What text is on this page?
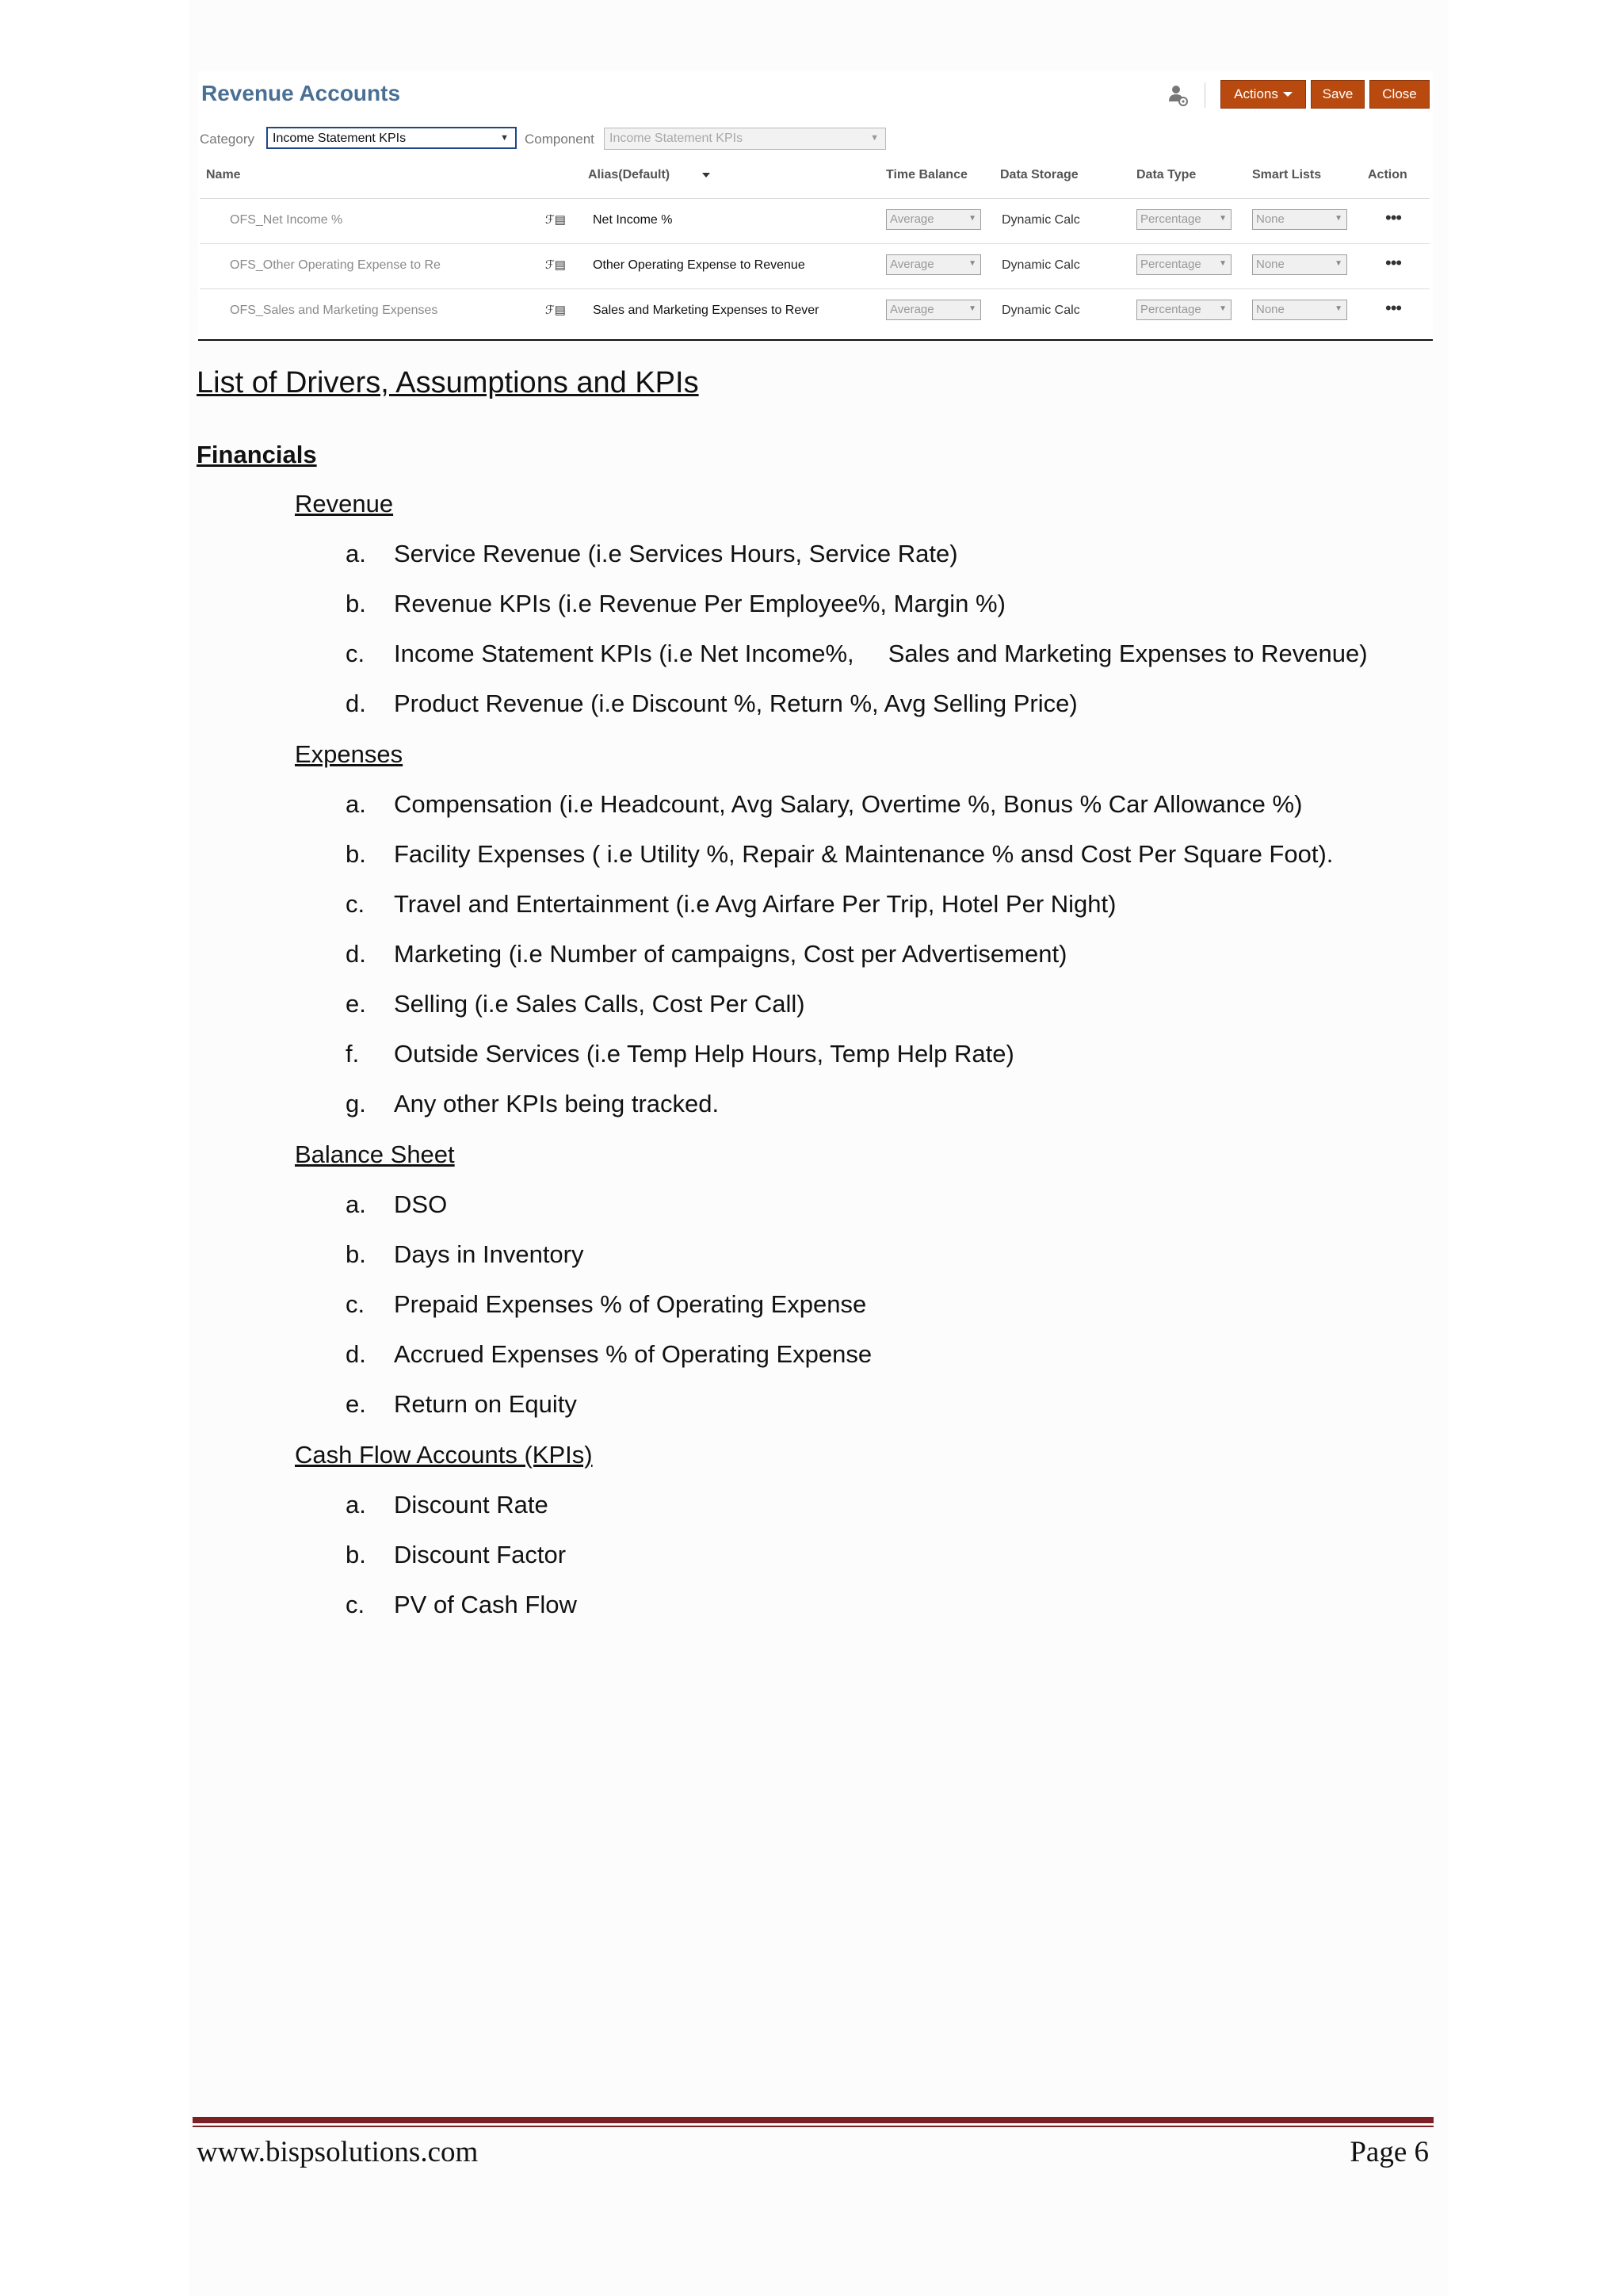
Revenue Accounts	Actions	Save	Close
Category	Income Statement KPIs	▼ Component	Income Statement KPIs	▼
Name	Alias(Default)	Time Balance	Data Storage	Data Type	Smart Lists	Action
OFS_Net Income %	ℱ▤ Net Income %	Average	▼ Dynamic Calc	Percentage ▼	None	▼ •••
OFS_Other Operating Expense to Re	ℱ▤ Other Operating Expense to Revenue	Average	▼ Dynamic Calc	Percentage ▼	None	▼ •••
OFS_Sales and Marketing Expenses	ℱ▤ Sales and Marketing Expenses to Rever	Average	▼ Dynamic Calc	Percentage ▼	None	▼ •••
List of Drivers, Assumptions and KPIs
Financials
Revenue
a. Service Revenue (i.e Services Hours, Service Rate)
b. Revenue KPIs (i.e Revenue Per Employee%, Margin %)
c. Income Statement KPIs (i.e Net Income%,     Sales and Marketing Expenses to Revenue)
d. Product Revenue (i.e Discount %, Return %, Avg Selling Price)
Expenses
a. Compensation (i.e Headcount, Avg Salary, Overtime %, Bonus % Car Allowance %)
b. Facility Expenses ( i.e Utility %, Repair & Maintenance % ansd Cost Per Square Foot).
c. Travel and Entertainment (i.e Avg Airfare Per Trip, Hotel Per Night)
d. Marketing (i.e Number of campaigns, Cost per Advertisement)
e. Selling (i.e Sales Calls, Cost Per Call)
f. Outside Services (i.e Temp Help Hours, Temp Help Rate)
g. Any other KPIs being tracked.
Balance Sheet
a. DSO
b. Days in Inventory
c. Prepaid Expenses % of Operating Expense
d. Accrued Expenses % of Operating Expense
e. Return on Equity
Cash Flow Accounts (KPIs)
a. Discount Rate
b. Discount Factor
c. PV of Cash Flow
www.bispsolutions.com	Page 6
